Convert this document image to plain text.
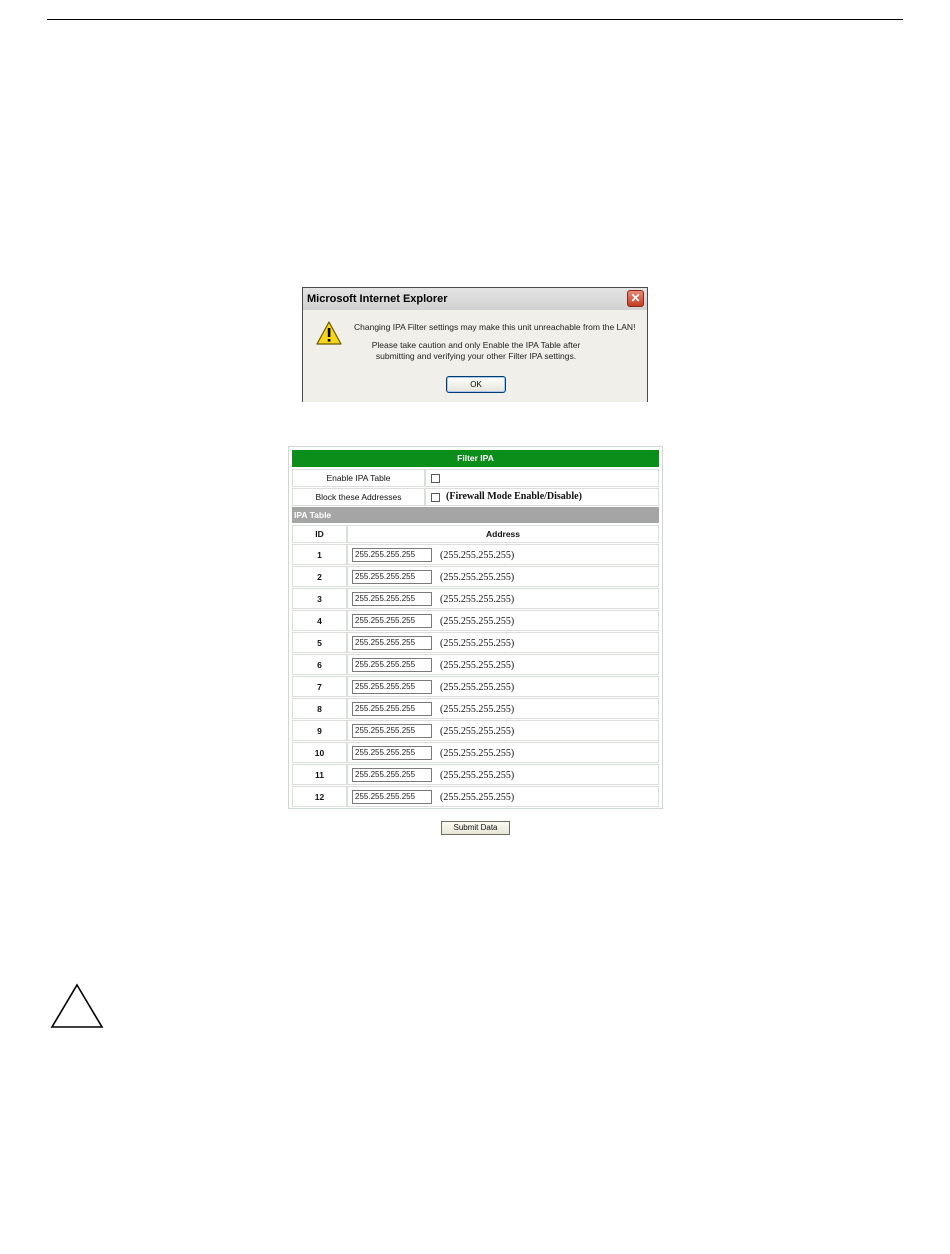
Microsoft Internet Explorer	✕
Changing IPA Filter settings may make this unit unreachable from the LAN!
Please take caution and only Enable the IPA Table after
submitting and verifying your other Filter IPA settings.
OK
Filter IPA
Enable IPA Table
Block these Addresses	(Firewall Mode Enable/Disable)
IPA Table
ID	Address
1	255.255.255.255	(255.255.255.255)
2	255.255.255.255	(255.255.255.255)
3	255.255.255.255	(255.255.255.255)
4	255.255.255.255	(255.255.255.255)
5	255.255.255.255	(255.255.255.255)
6	255.255.255.255	(255.255.255.255)
7	255.255.255.255	(255.255.255.255)
8	255.255.255.255	(255.255.255.255)
9	255.255.255.255	(255.255.255.255)
10	255.255.255.255	(255.255.255.255)
11	255.255.255.255	(255.255.255.255)
12	255.255.255.255	(255.255.255.255)
Submit Data
